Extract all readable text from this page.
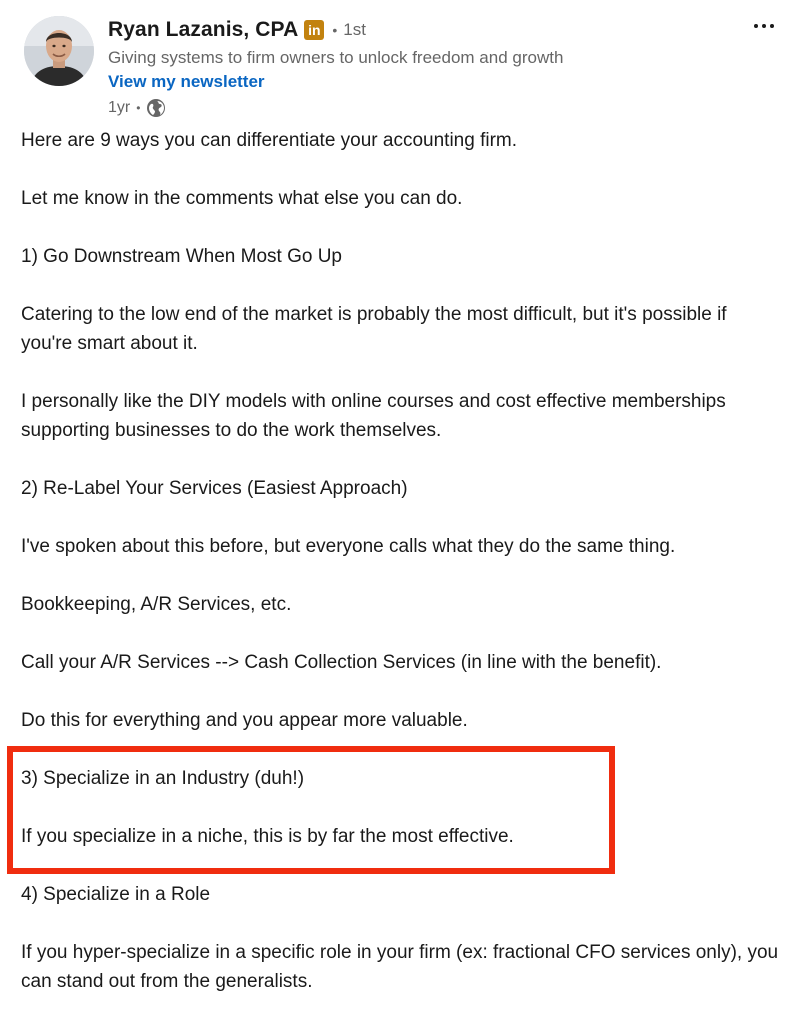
Ryan Lazanis, CPA in • 1st
Giving systems to firm owners to unlock freedom and growth
View my newsletter
1yr •

Here are 9 ways you can differentiate your accounting firm.

Let me know in the comments what else you can do.

1) Go Downstream When Most Go Up

Catering to the low end of the market is probably the most difficult, but it's possible if you're smart about it.

I personally like the DIY models with online courses and cost effective memberships supporting businesses to do the work themselves.

2) Re-Label Your Services (Easiest Approach)

I've spoken about this before, but everyone calls what they do the same thing.

Bookkeeping, A/R Services, etc.

Call your A/R Services --> Cash Collection Services (in line with the benefit).

Do this for everything and you appear more valuable.

3) Specialize in an Industry (duh!)

If you specialize in a niche, this is by far the most effective.

4) Specialize in a Role

If you hyper-specialize in a specific role in your firm (ex: fractional CFO services only), you can stand out from the generalists.
